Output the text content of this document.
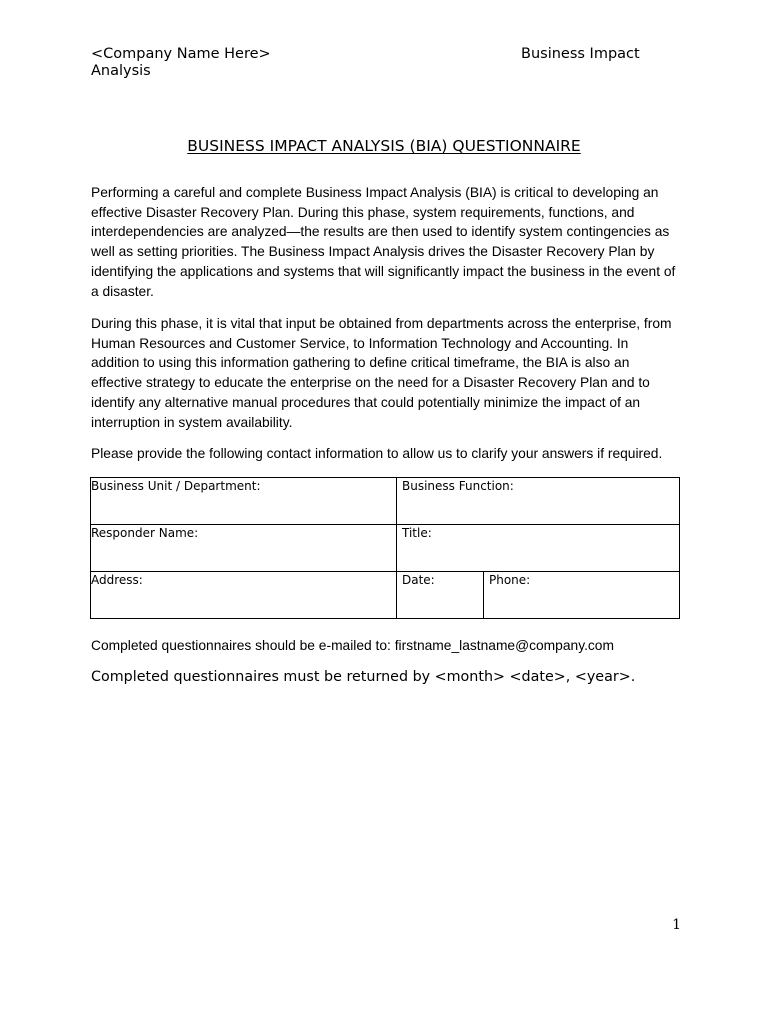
<Company Name Here>	Business Impact
Analysis
BUSINESS IMPACT ANALYSIS (BIA) QUESTIONNAIRE

Performing a careful and complete Business Impact Analysis (BIA) is critical to developing an
effective Disaster Recovery Plan. During this phase, system requirements, functions, and
interdependencies are analyzed—the results are then used to identify system contingencies as
well as setting priorities. The Business Impact Analysis drives the Disaster Recovery Plan by
identifying the applications and systems that will significantly impact the business in the event of
a disaster.

During this phase, it is vital that input be obtained from departments across the enterprise, from
Human Resources and Customer Service, to Information Technology and Accounting. In
addition to using this information gathering to define critical timeframe, the BIA is also an
effective strategy to educate the enterprise on the need for a Disaster Recovery Plan and to
identify any alternative manual procedures that could potentially minimize the impact of an
interruption in system availability.

Please provide the following contact information to allow us to clarify your answers if required.

Business Unit / Department:	Business Function:	

Responder Name:	Title:	

Address:	Date:	Phone:
Completed questionnaires should be e-mailed to: firstname_lastname@company.com
Completed questionnaires must be returned by <month> <date>, <year>.
1
